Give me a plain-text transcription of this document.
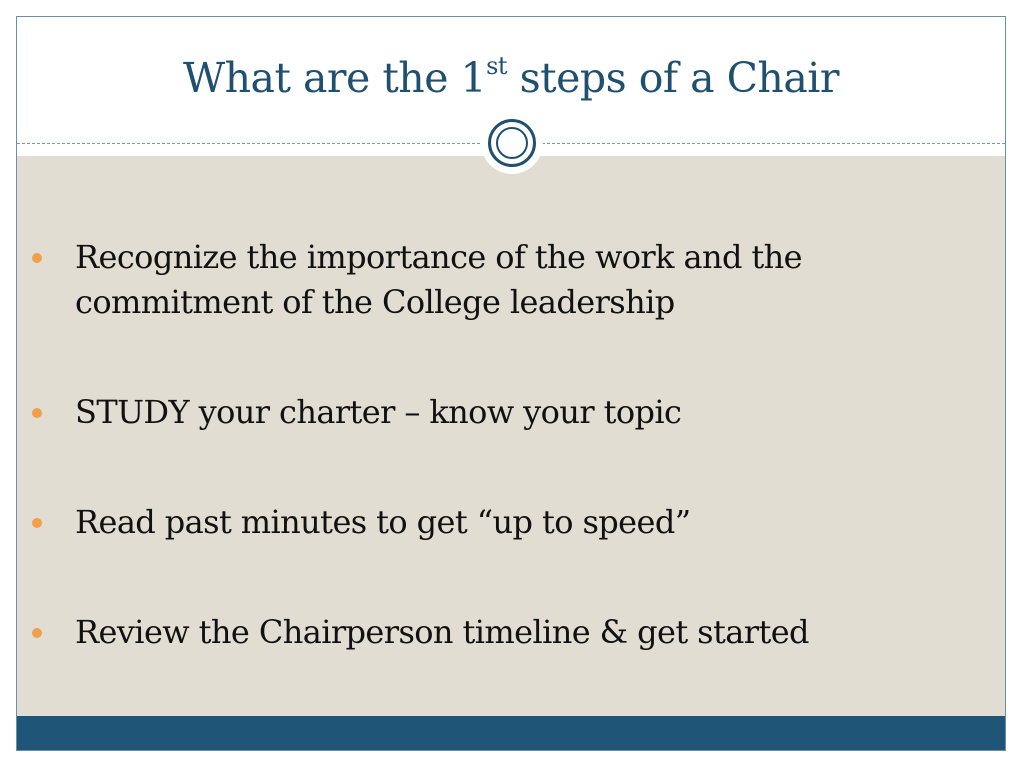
What are the 1st steps of a Chair
Recognize the importance of the work and the commitment of the College leadership
STUDY your charter – know your topic
Read past minutes to get “up to speed”
Review the Chairperson timeline & get started
